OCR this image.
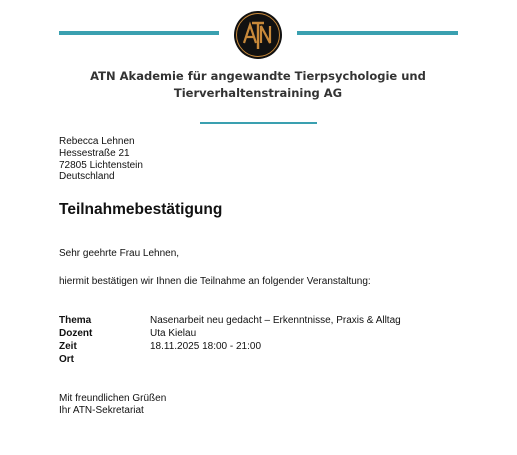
ATN Akademie für angewandte Tierpsychologie und
Tierverhaltenstraining AG
Rebecca Lehnen
Hessestraße 21
72805 Lichtenstein
Deutschland
Teilnahmebestätigung

Sehr geehrte Frau Lehnen,

hiermit bestätigen wir Ihnen die Teilnahme an folgender Veranstaltung:

Thema	Nasenarbeit neu gedacht – Erkenntnisse, Praxis & Alltag
Dozent	Uta Kielau
Zeit	18.11.2025 18:00 - 21:00
Ort
Mit freundlichen Grüßen
Ihr ATN-Sekretariat
